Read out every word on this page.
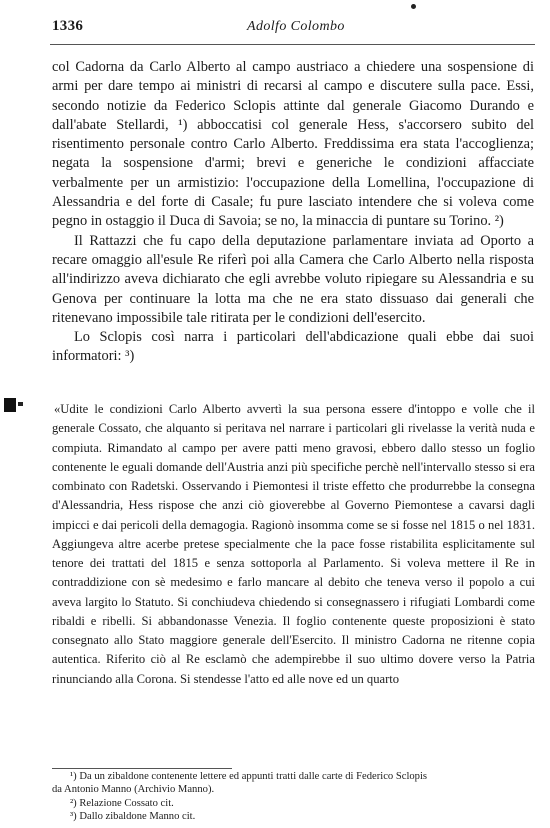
1336	Adolfo Colombo

col Cadorna da Carlo Alberto al campo austriaco a chiedere una sospensione di armi per dare tempo ai ministri di recarsi al campo e discutere sulla pace. Essi, secondo notizie da Federico Sclopis attinte dal generale Giacomo Durando e dall'abate Stellardi, ¹) abboccatisi col generale Hess, s'accorsero subito del risentimento personale contro Carlo Alberto. Freddissima era stata l'accoglienza; negata la sospensione d'armi; brevi e generiche le condizioni affacciate verbalmente per un armistizio: l'occupazione della Lomellina, l'occupazione di Alessandria e del forte di Casale; fu pure lasciato intendere che si voleva come pegno in ostaggio il Duca di Savoia; se no, la minaccia di puntare su Torino. ²)

Il Rattazzi che fu capo della deputazione parlamentare inviata ad Oporto a recare omaggio all'esule Re riferì poi alla Camera che Carlo Alberto nella risposta all'indirizzo aveva dichiarato che egli avrebbe voluto ripiegare su Alessandria e su Genova per continuare la lotta ma che ne era stato dissuaso dai generali che ritenevano impossibile tale ritirata per le condizioni dell'esercito.

Lo Sclopis così narra i particolari dell'abdicazione quali ebbe dai suoi informatori: ³)

«Udite le condizioni Carlo Alberto avvertì la sua persona essere d'intoppo e volle che il generale Cossato, che alquanto si peritava nel narrare i particolari gli rivelasse la verità nuda e compiuta. Rimandato al campo per avere patti meno gravosi, ebbero dallo stesso un foglio contenente le eguali domande dell'Austria anzi più specifiche perchè nell'intervallo stesso si era combinato con Radetski. Osservando i Piemontesi il triste effetto che produrrebbe la consegna d'Alessandria, Hess rispose che anzi ciò gioverebbe al Governo Piemontese a cavarsi dagli impicci e dai pericoli della demagogia. Ragionò insomma come se si fosse nel 1815 o nel 1831. Aggiungeva altre acerbe pretese specialmente che la pace fosse ristabilita esplicitamente sul tenore dei trattati del 1815 e senza sottoporla al Parlamento. Si voleva mettere il Re in contraddizione con sè medesimo e farlo mancare al debito che teneva verso il popolo a cui aveva largito lo Statuto. Si conchiudeva chiedendo si consegnassero i rifugiati Lombardi come ribaldi e ribelli. Si abbandonasse Venezia. Il foglio contenente queste proposizioni è stato consegnato allo Stato maggiore generale dell'Esercito. Il ministro Cadorna ne ritenne copia autentica. Riferito ciò al Re esclamò che adempirebbe il suo ultimo dovere verso la Patria rinunciando alla Corona. Si stendesse l'atto ed alle nove ed un quarto

¹) Da un zibaldone contenente lettere ed appunti tratti dalle carte di Federico Sclopis

da Antonio Manno (Archivio Manno).

²) Relazione Cossato cit.

³) Dallo zibaldone Manno cit.
